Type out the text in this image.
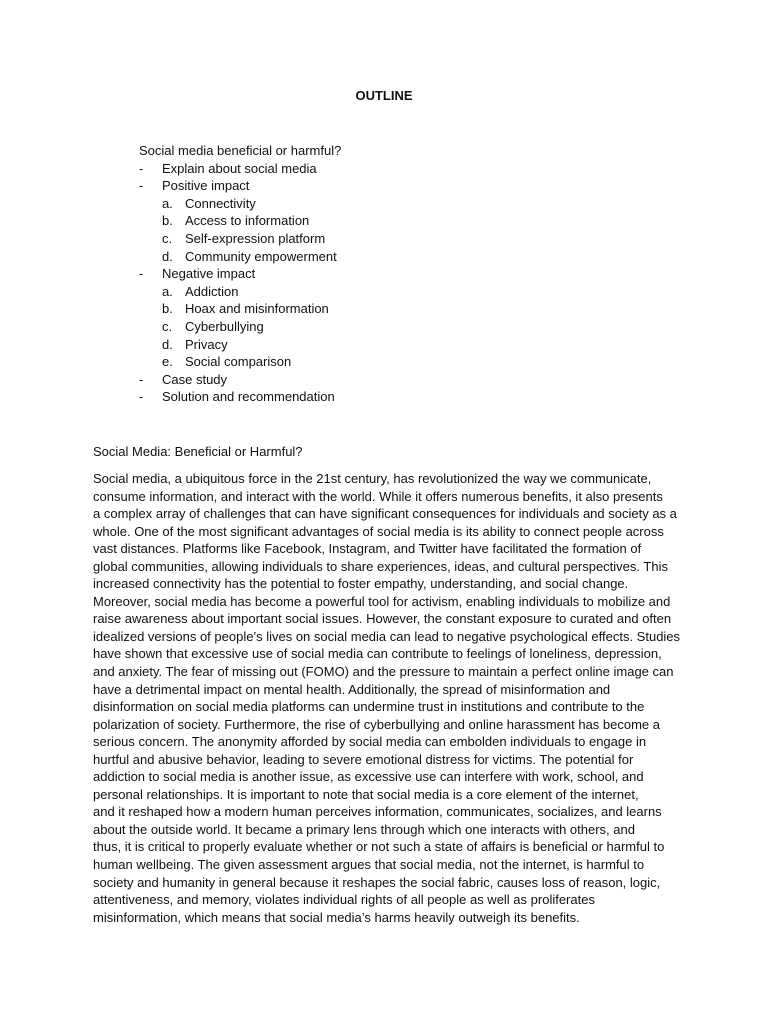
OUTLINE
Social media beneficial or harmful?
- Explain about social media
- Positive impact
a. Connectivity
b. Access to information
c. Self-expression platform
d. Community empowerment
- Negative impact
a. Addiction
b. Hoax and misinformation
c. Cyberbullying
d. Privacy
e. Social comparison
- Case study
- Solution and recommendation
Social Media: Beneficial or Harmful?
Social media, a ubiquitous force in the 21st century, has revolutionized the way we communicate,
consume information, and interact with the world. While it offers numerous benefits, it also presents
a complex array of challenges that can have significant consequences for individuals and society as a
whole. One of the most significant advantages of social media is its ability to connect people across
vast distances. Platforms like Facebook, Instagram, and Twitter have facilitated the formation of
global communities, allowing individuals to share experiences, ideas, and cultural perspectives. This
increased connectivity has the potential to foster empathy, understanding, and social change.
Moreover, social media has become a powerful tool for activism, enabling individuals to mobilize and
raise awareness about important social issues. However, the constant exposure to curated and often
idealized versions of people’s lives on social media can lead to negative psychological effects. Studies
have shown that excessive use of social media can contribute to feelings of loneliness, depression,
and anxiety. The fear of missing out (FOMO) and the pressure to maintain a perfect online image can
have a detrimental impact on mental health. Additionally, the spread of misinformation and
disinformation on social media platforms can undermine trust in institutions and contribute to the
polarization of society. Furthermore, the rise of cyberbullying and online harassment has become a
serious concern. The anonymity afforded by social media can embolden individuals to engage in
hurtful and abusive behavior, leading to severe emotional distress for victims. The potential for
addiction to social media is another issue, as excessive use can interfere with work, school, and
personal relationships. It is important to note that social media is a core element of the internet,
and it reshaped how a modern human perceives information, communicates, socializes, and learns
about the outside world. It became a primary lens through which one interacts with others, and
thus, it is critical to properly evaluate whether or not such a state of affairs is beneficial or harmful to
human wellbeing. The given assessment argues that social media, not the internet, is harmful to
society and humanity in general because it reshapes the social fabric, causes loss of reason, logic,
attentiveness, and memory, violates individual rights of all people as well as proliferates
misinformation, which means that social media’s harms heavily outweigh its benefits.
